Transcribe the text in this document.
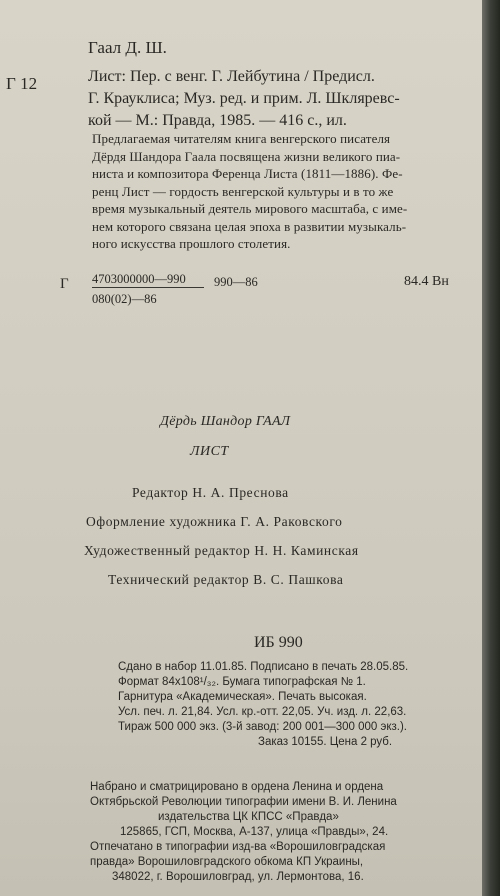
Гаал Д. Ш.
Г 12	Лист: Пер. с венг. Г. Лейбутина / Предисл.
Г. Крауклиса; Муз. ред. и прим. Л. Шкляревс-
кой — М.: Правда, 1985. — 416 с., ил.
Предлагаемая читателям книга венгерского писателя
Дёрдя Шандора Гаала посвящена жизни великого пиа-
ниста и композитора Ференца Листа (1811—1886). Фе-
ренц Лист — гордость венгерской культуры и в то же
время музыкальный деятель мирового масштаба, с име-
нем которого связана целая эпоха в развитии музыкаль-
ного искусства прошлого столетия.
Г 4703000000—990
080(02)—86
990—86	84.4 Вн
Дёрдь Шандор ГААЛ
ЛИСТ
Редактор Н. А. Преснова
Оформление художника Г. А. Раковского
Художественный редактор Н. Н. Каминская
Технический редактор В. С. Пашкова
ИБ 990
Сдано в набор 11.01.85. Подписано в печать 28.05.85.
Формат 84х108¹/₃₂. Бумага типографская № 1.
Гарнитура «Академическая». Печать высокая.
Усл. печ. л. 21,84. Усл. кр.-отт. 22,05. Уч. изд. л. 22,63.
Тираж 500 000 экз. (3-й завод: 200 001—300 000 экз.).
Заказ 10155. Цена 2 руб.
Набрано и сматрицировано в ордена Ленина и ордена
Октябрьской Революции типографии имени В. И. Ленина
издательства ЦК КПСС «Правда»
125865, ГСП, Москва, А-137, улица «Правды», 24.
Отпечатано в типографии изд-ва «Ворошиловградская
правда» Ворошиловградского обкома КП Украины,
348022, г. Ворошиловград, ул. Лермонтова, 16.
